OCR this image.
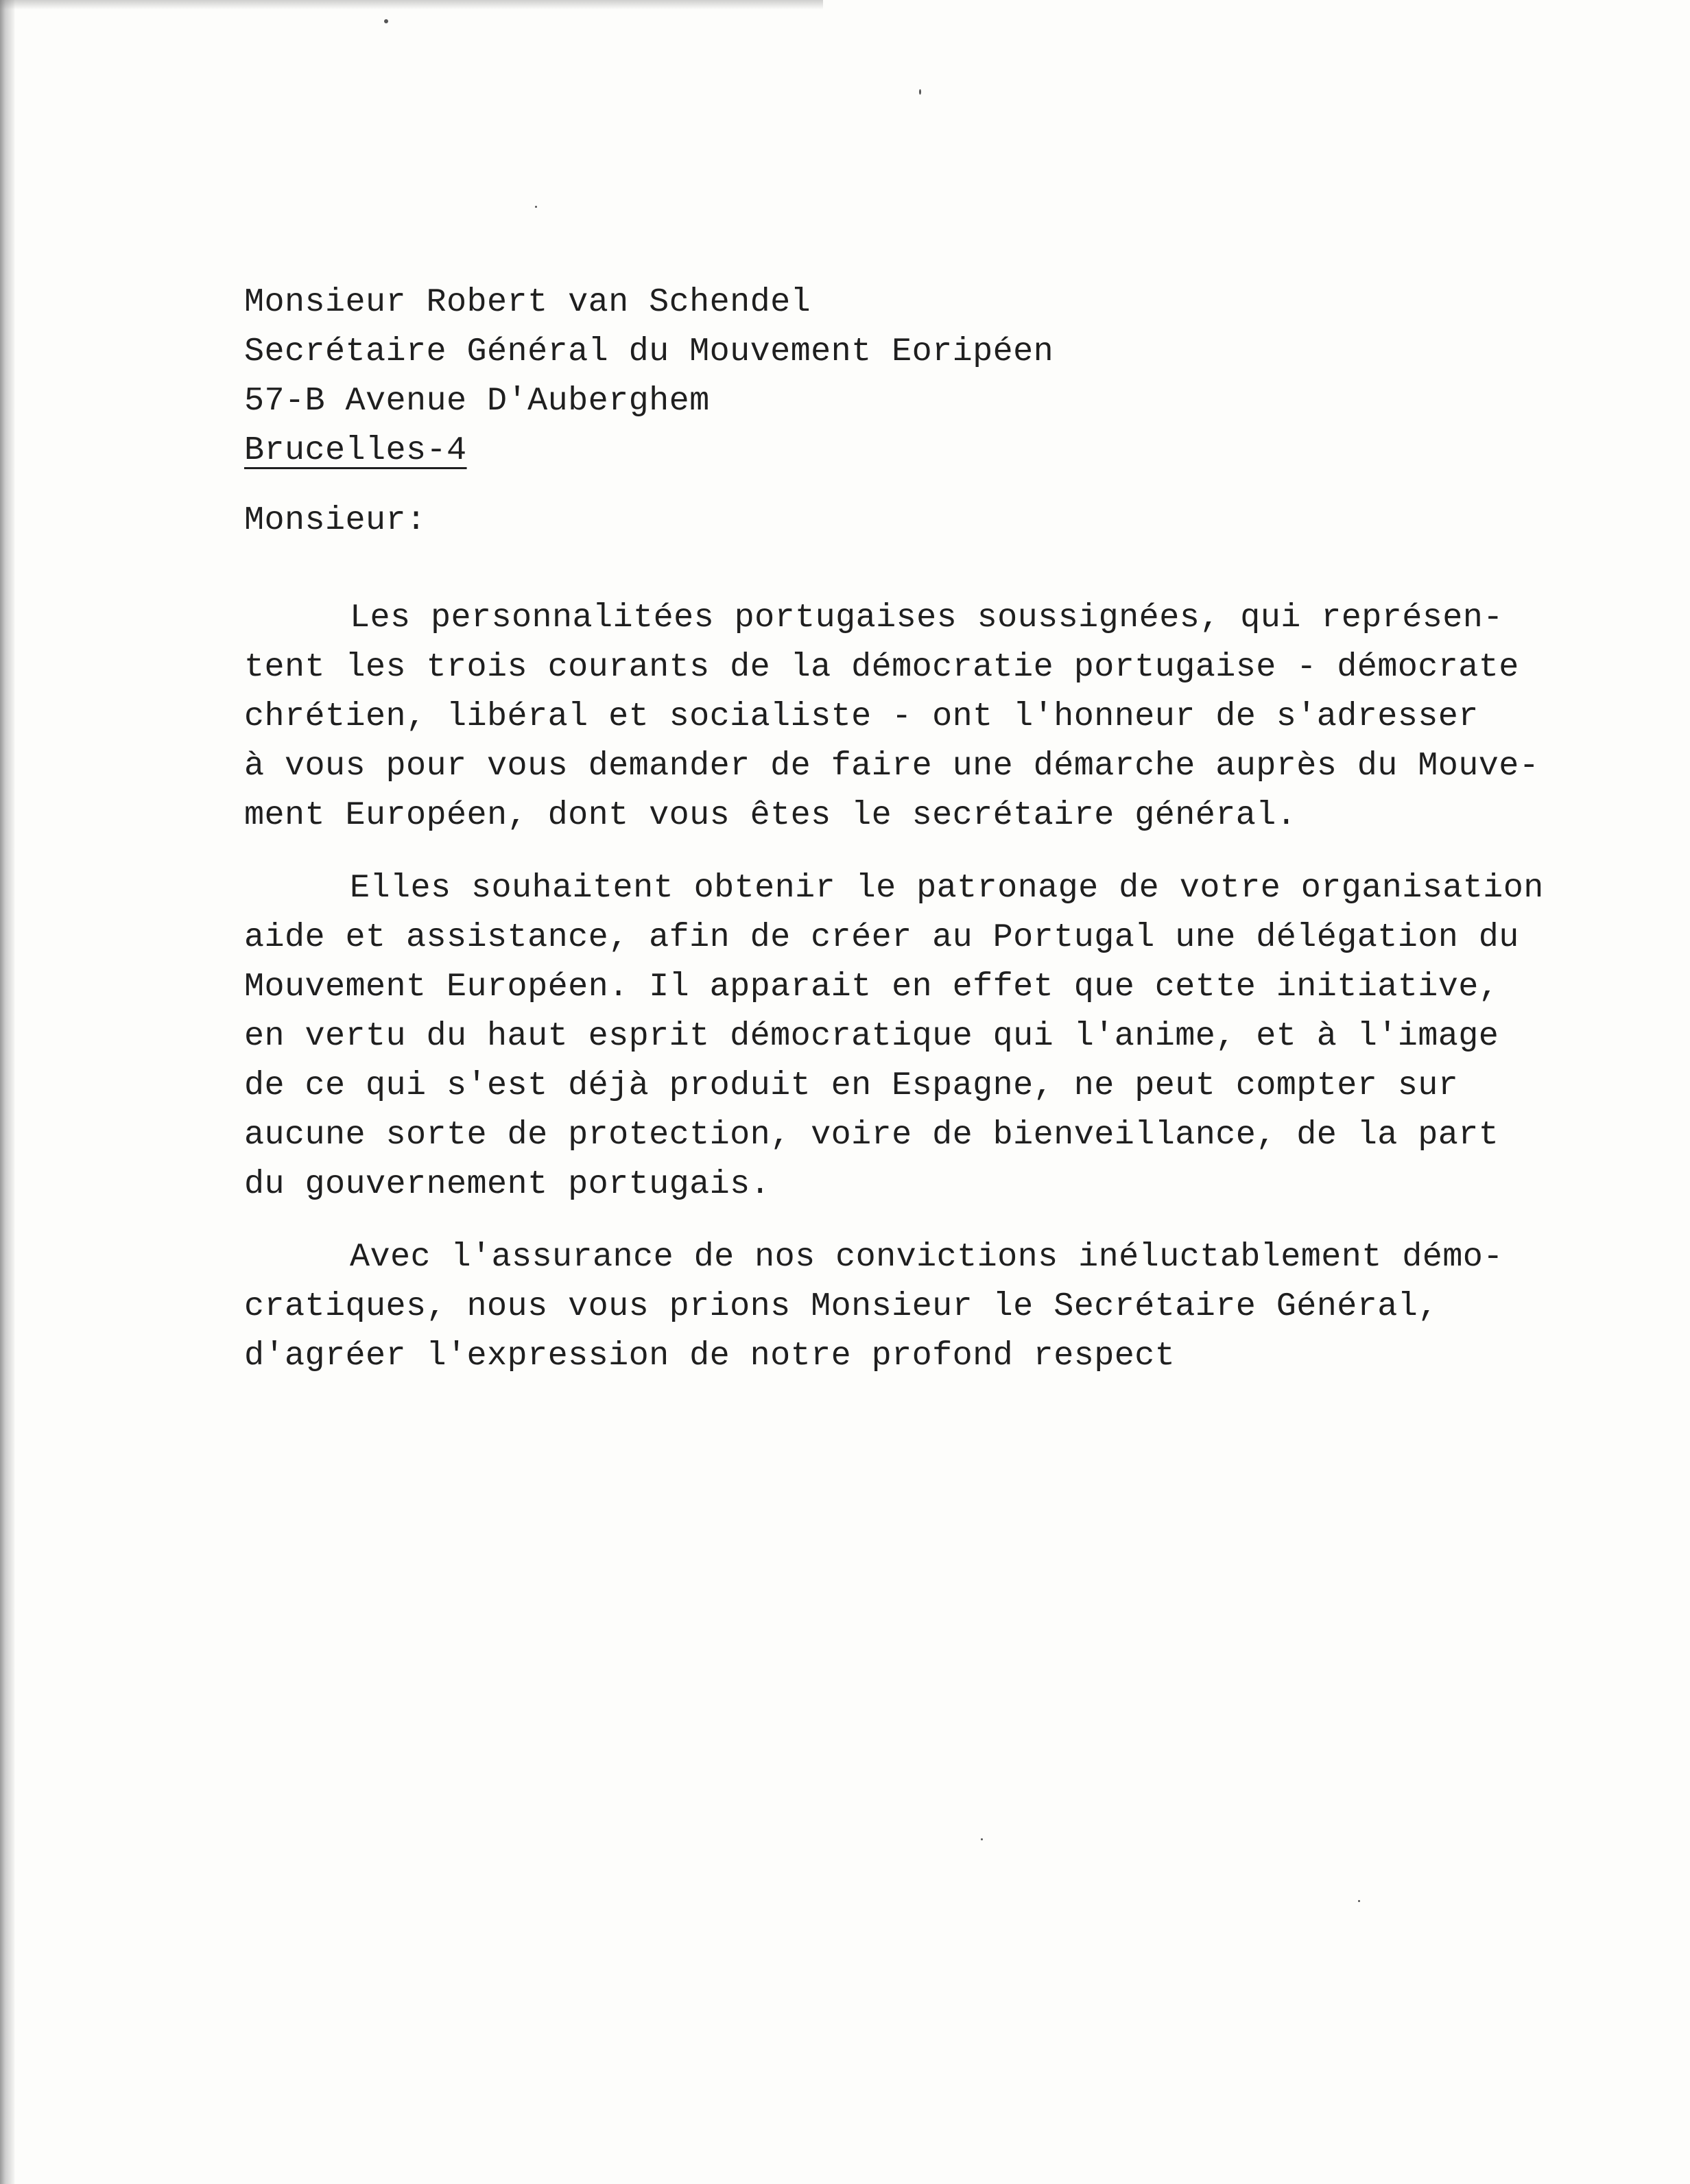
Monsieur Robert van Schendel
Secrétaire Général du Mouvement Eoripéen
57-B Avenue D'Auberghem
Brucelles-4
Monsieur:
Les personnalitées portugaises soussignées, qui représen-
tent les trois courants de la démocratie portugaise - démocrate
chrétien, libéral et socialiste - ont l'honneur de s'adresser
à vous pour vous demander de faire une démarche auprès du Mouve-
ment Européen, dont vous êtes le secrétaire général.
Elles souhaitent obtenir le patronage de votre organisation
aide et assistance, afin de créer au Portugal une délégation du
Mouvement Européen. Il apparait en effet que cette initiative,
en vertu du haut esprit démocratique qui l'anime, et à l'image
de ce qui s'est déjà produit en Espagne, ne peut compter sur
aucune sorte de protection, voire de bienveillance, de la part
du gouvernement portugais.
Avec l'assurance de nos convictions inéluctablement démo-
cratiques, nous vous prions Monsieur le Secrétaire Général,
d'agréer l'expression de notre profond respect
